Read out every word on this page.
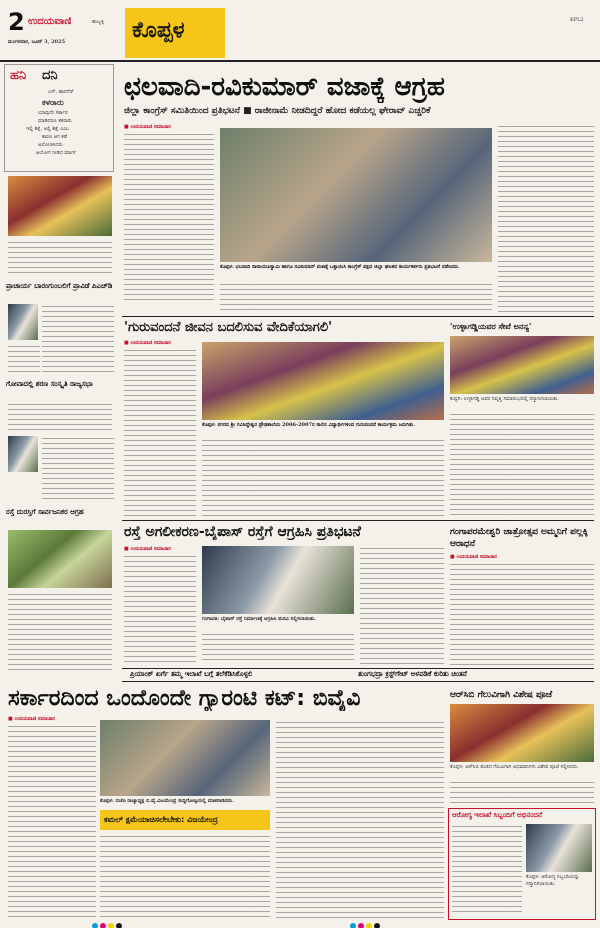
2 ಉದಯವಾಣಿ	ಹುಬ್ಬಳ್ಳಿ
ಮಂಗಳವಾರ, ಜೂನ್ 3, 2025	ಕೊಪ್ಪಳ	KPL2
ಹನಿ ದನಿ
ಎಸ್. ಹಾನಗೆರ್
ಕಳರಾರು
ಯಾವುದೇ ಸರ್ಕಾರ
ಮಾಡಿದರೂ ತಕರಾರು
ಇಲ್ಲಿ ಶಿಕ್ಷೆ, ಅಲ್ಲಿ ಶಿಕ್ಷೆ ಎಂಬ
ಕಾರಣ ಆಗ ಕಡೆ
ಅಲೋಚಿಸಿದರು
ಆಯೋಗ ನೀಡಿದ ಮಾರ್ಗ
ಪ್ರಾಚಾರ್ಯ ಬಾರಂಗುಂಬಲಿಗೆ ಪ್ರಾವಿಡೆ ಪಿಎಚ್‌ಡಿ
ಗೋವಾದಲ್ಲಿ ಶರಣ ಸಂಸ್ಕೃತಿ ರಾಜ್ಯಸಭಾ
ರಸ್ತೆ ದುರಸ್ತಿಗೆ ಸಾರ್ವಜನಿಕರ ಆಗ್ರಹ
ಛಲವಾದಿ-ರವಿಕುಮಾರ್ ವಜಾಕ್ಕೆ ಆಗ್ರಹ
ಜಿಲ್ಲಾ ಕಾಂಗ್ರೆಸ್ ಸಮಿತಿಯಿಂದ ಪ್ರತಿಭಟನೆ ■ ರಾಜೀನಾಮೆ ನೀಡದಿದ್ದರೆ ಹೋದ ಕಡೆಯಲ್ಲ ಘೇರಾವ್ ಎಚ್ಚರಿಕೆ
■ ಉದಯವಾಣಿ ಸಮಾಚಾರ
ಕೊಪ್ಪಳ: ಛಲವಾದಿ ನಾರಾಯಣಸ್ವಾಮಿ ಹಾಗೂ ರವಿಕುಮಾರ್ ವಜಾಕ್ಕೆ ಒತ್ತಾಯಿಸಿ ಕಾಂಗ್ರೆಸ್ ಪಕ್ಷದ ಜಿಲ್ಲಾ ಘಟಕದ ಕಾರ್ಯಕರ್ತರು ಪ್ರತಿಭಟನೆ ನಡೆಸಿದರು.
'ಗುರುವಂದನೆ ಜೀವನ ಬದಲಿಸುವ ವೇದಿಕೆಯಾಗಲಿ'
■ ಉದಯವಾಣಿ ಸಮಾಚಾರ
ಕೊಪ್ಪಳ: ನಗರದ ಶ್ರೀ ಗವಿಸಿದ್ದೇಶ್ವರ ಪ್ರೌಢಶಾಲೆಯ 2006-2007ರ ಸಾಲಿನ ವಿದ್ಯಾರ್ಥಿಗಳಿಂದ ಗುರುವಂದನೆ ಕಾರ್ಯಕ್ರಮ ಜರುಗಿತು.
'ಉಳ್ಳಾಗಡ್ಡಿಯವರ ಸೇವೆ ಅನನ್ಯ'
ಕುಷ್ಟಗಿ: ಉಳ್ಳಾಗಡ್ಡಿ ಅವರ ನಿವೃತ್ತಿ ಸಮಾರಂಭದಲ್ಲಿ ಸನ್ಮಾನಿಸಲಾಯಿತು.
ರಸ್ತೆ ಅಗಲೀಕರಣ-ಬೈಪಾಸ್ ರಸ್ತೆಗೆ ಆಗ್ರಹಿಸಿ ಪ್ರತಿಭಟನೆ
■ ಉದಯವಾಣಿ ಸಮಾಚಾರ
ಗಂಗಾವತಿ: ಬೈಪಾಸ್ ರಸ್ತೆ ನಿರ್ಮಾಣಕ್ಕೆ ಆಗ್ರಹಿಸಿ ಮನವಿ ಸಲ್ಲಿಸಲಾಯಿತು.
ಗಂಗಾಪರಮೇಶ್ವರಿ ಜಾತ್ರೋತ್ಸವ ಅಮ್ಮನಿಗೆ ಪಲ್ಲಕ್ಕಿ ಆರಾಧನೆ
■ ಉದಯವಾಣಿ ಸಮಾಚಾರ
ಪ್ರಿಯಾಂಕ್ ಖರ್ಗೆ ತಮ್ಮ ಇಲಾಖೆ ಬಗ್ಗೆ ತಲೆಕೆಡಿಸಿಕೊಳ್ಳಲಿ	ತುಂಗಭದ್ರಾ ಕ್ರಸ್ಟ್‌ಗೇಟ್ ಅಳವಡಿಕೆ ಕುರಿತು ಚಿಂತನೆ
ಸರ್ಕಾರದಿಂದ ಒಂದೊಂದೇ ಗ್ಯಾರಂಟಿ ಕಟ್: ಬಿವೈವಿ
■ ಉದಯವಾಣಿ ಸಮಾಚಾರ
ಕೊಪ್ಪಳ: ಬಿಜೆಪಿ ರಾಜ್ಯಾಧ್ಯಕ್ಷ ಬಿ.ವೈ.ವಿಜಯೇಂದ್ರ ಸುದ್ದಿಗೋಷ್ಠಿಯಲ್ಲಿ ಮಾತನಾಡಿದರು.
ಕಮಲ್ ಕ್ಷಮೆಯಾಚಿಸಲೇಬೇಕು: ವಿಜಯೇಂದ್ರ
ಆರ್‌ಸಿಬಿ ಗೆಲುವಿಗಾಗಿ ವಿಶೇಷ ಪೂಜೆ
ಕೊಪ್ಪಳ: ಆರ್‌ಸಿಬಿ ತಂಡದ ಗೆಲುವಿಗಾಗಿ ಅಭಿಮಾನಿಗಳು ವಿಶೇಷ ಪೂಜೆ ಸಲ್ಲಿಸಿದರು.
ಆರೋಗ್ಯ ಇಲಾಖೆ ಸಿಬ್ಬಂದಿಗೆ ಅಭಿನಂದನೆ
ಕೊಪ್ಪಳ: ಆರೋಗ್ಯ ಸಿಬ್ಬಂದಿಯನ್ನು ಸನ್ಮಾನಿಸಲಾಯಿತು.
